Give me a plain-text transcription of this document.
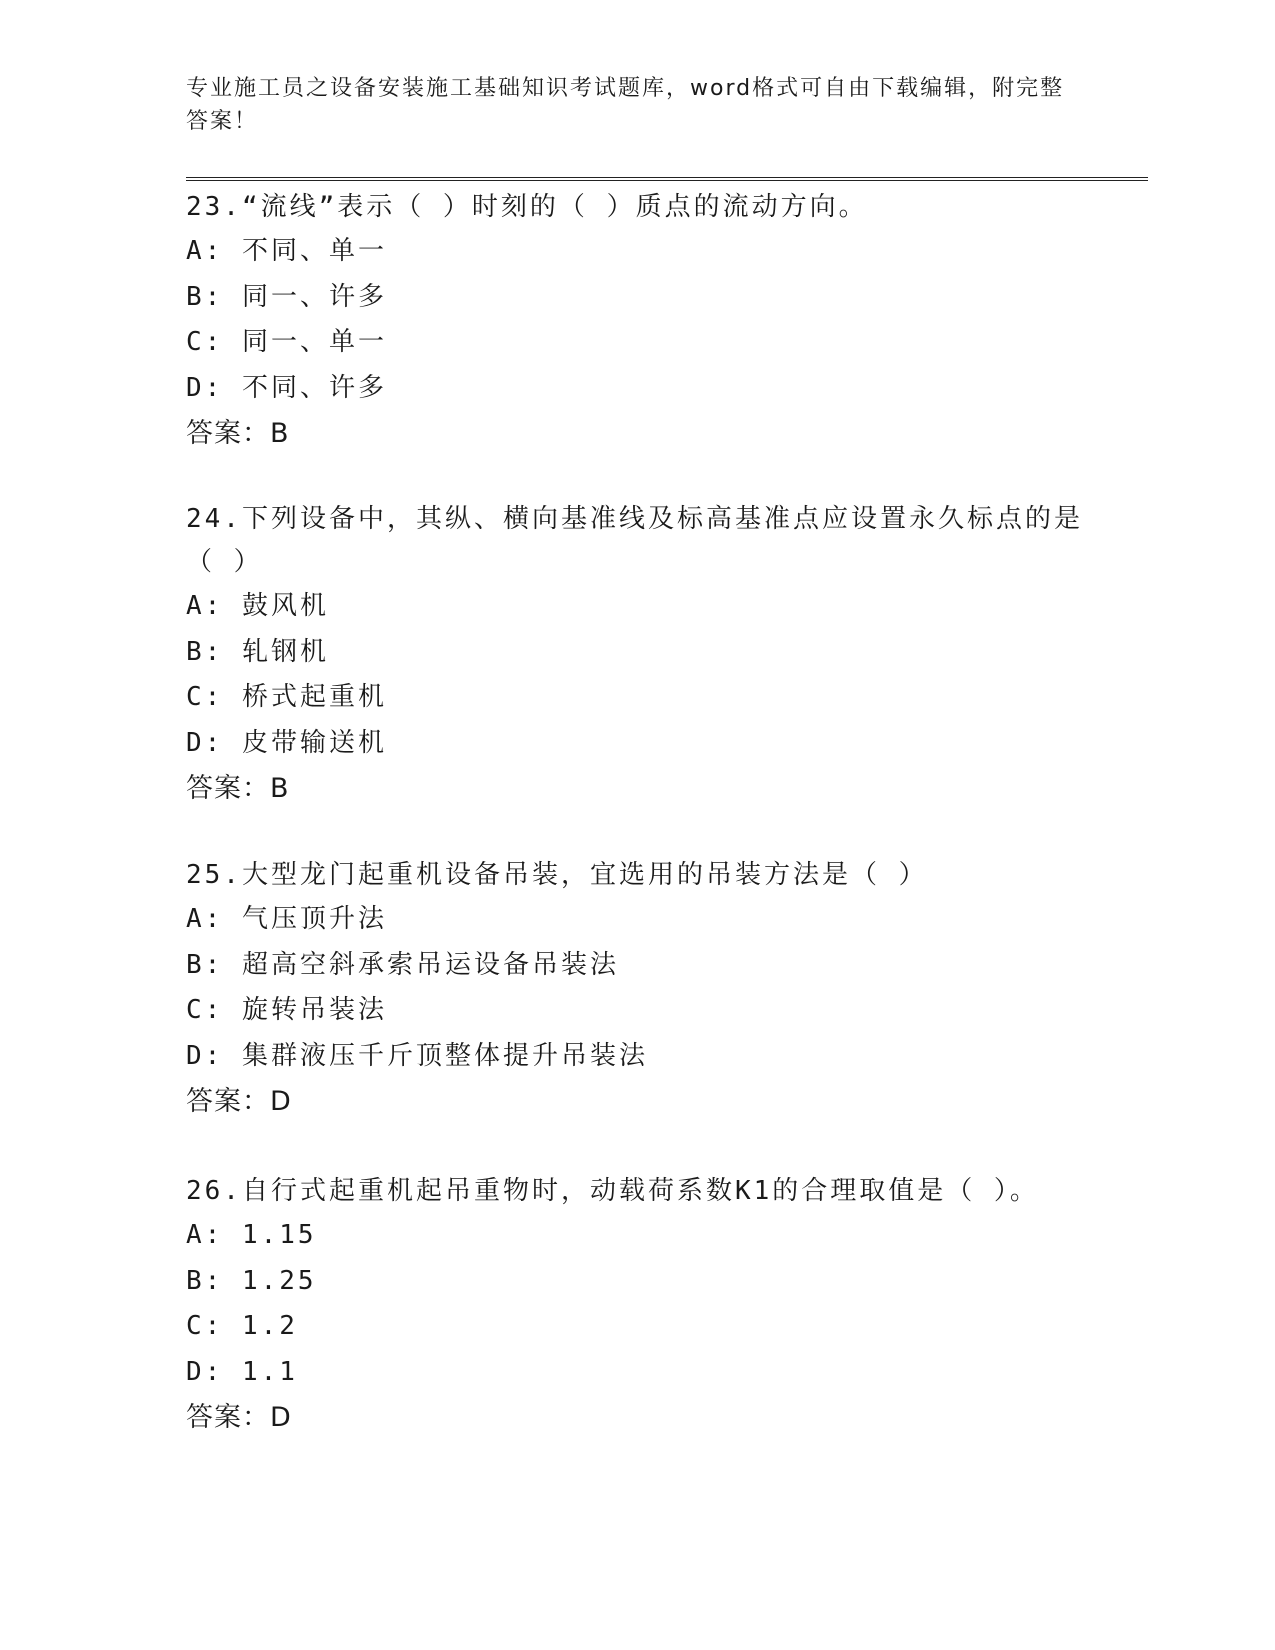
专业施工员之设备安装施工基础知识考试题库，word格式可自由下载编辑，附完整答案！

23.“流线”表示（ ）时刻的（ ）质点的流动方向。

A: 不同、单一

B: 同一、许多

C: 同一、单一

D: 不同、许多

答案：B

24.下列设备中，其纵、横向基准线及标高基准点应设置永久标点的是（ ）

A: 鼓风机

B: 轧钢机

C: 桥式起重机

D: 皮带输送机

答案：B

25.大型龙门起重机设备吊装，宜选用的吊装方法是（ ）

A: 气压顶升法

B: 超高空斜承索吊运设备吊装法

C: 旋转吊装法

D: 集群液压千斤顶整体提升吊装法

答案：D

26.自行式起重机起吊重物时，动载荷系数K1的合理取值是（ ）。

A: 1.15

B: 1.25

C: 1.2

D: 1.1

答案：D
